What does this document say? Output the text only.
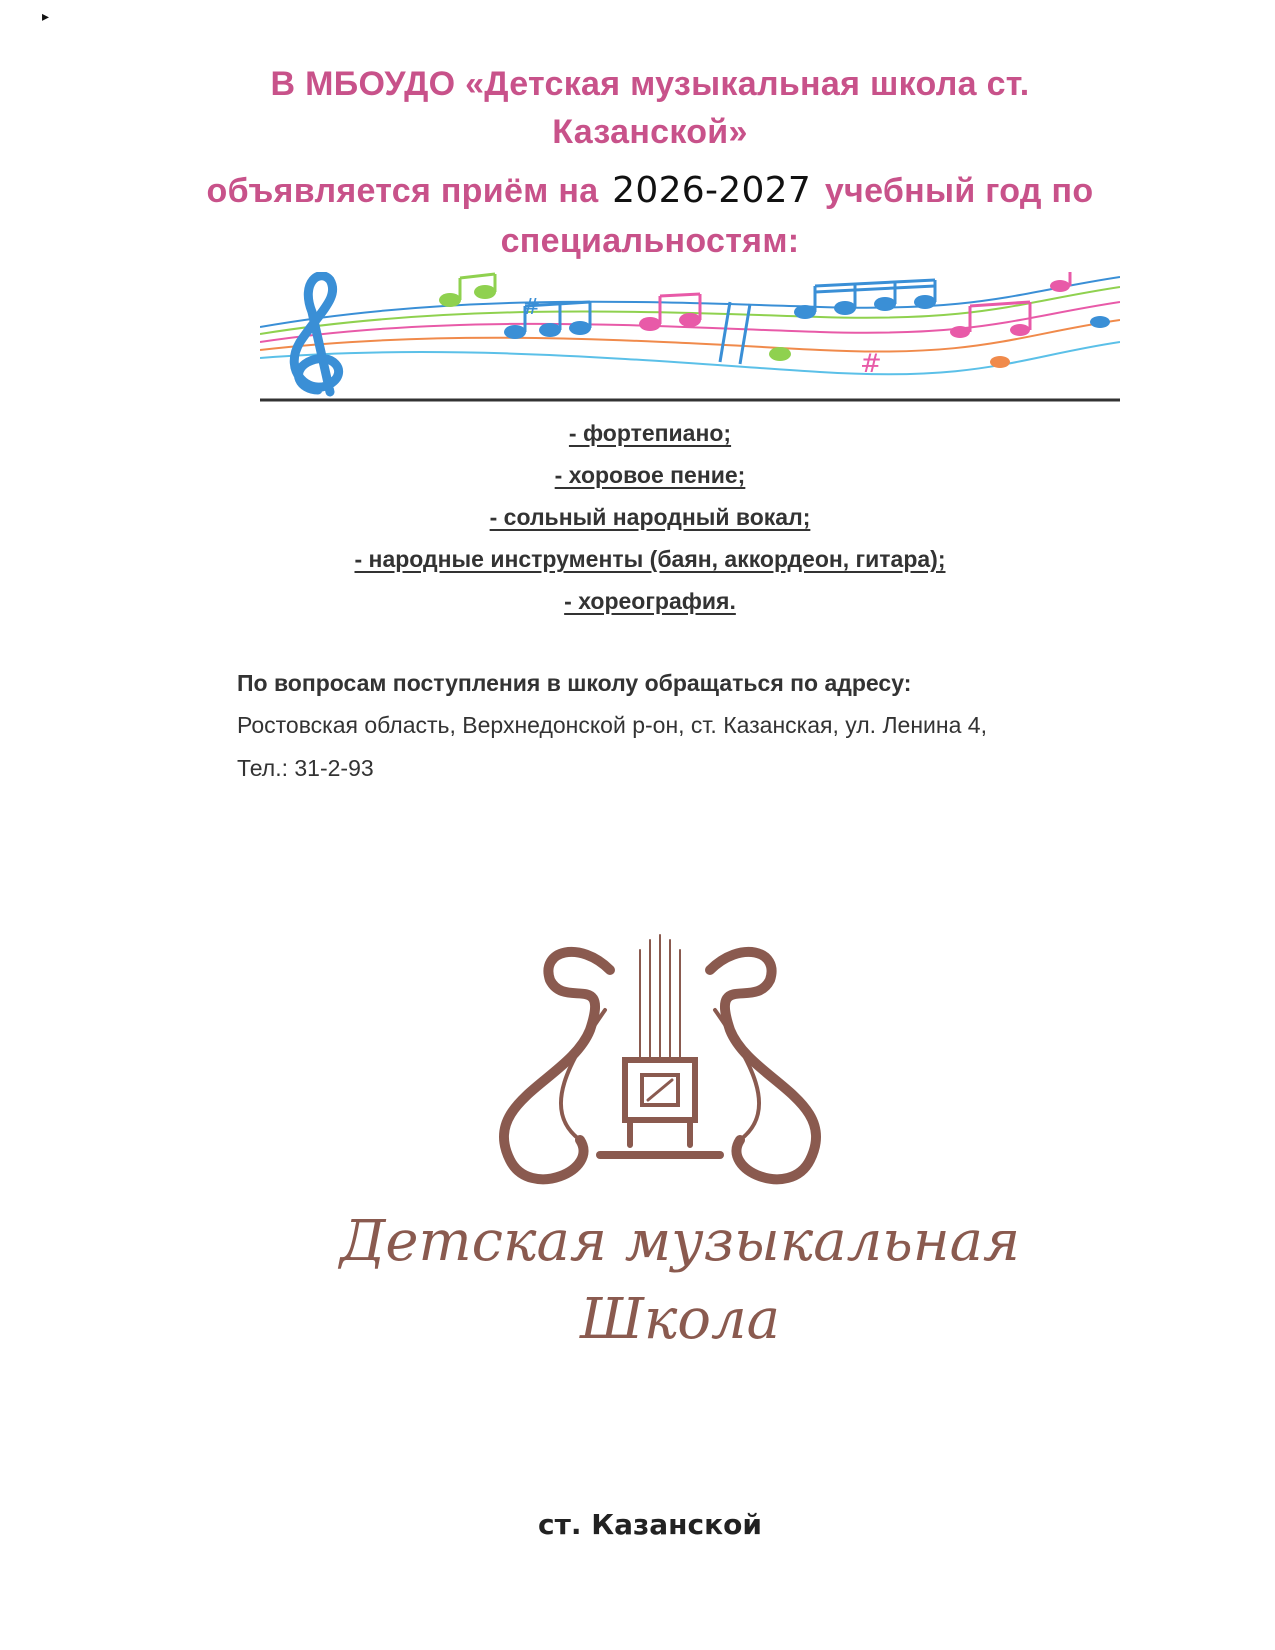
▸
В МБОУДО «Детская музыкальная школа ст. Казанской»
объявляется приём на 2026-2027 учебный год по специальностям:
#
#
- фортепиано;
- хоровое пение;
- сольный народный вокал;
- народные инструменты (баян, аккордеон, гитара);
- хореография.
По вопросам поступления в школу обращаться по адресу:
Ростовская область, Верхнедонской р-он, ст. Казанская, ул. Ленина 4,
Тел.: 31-2-93
Детская музыкальная
Школа
ст. Казанской
